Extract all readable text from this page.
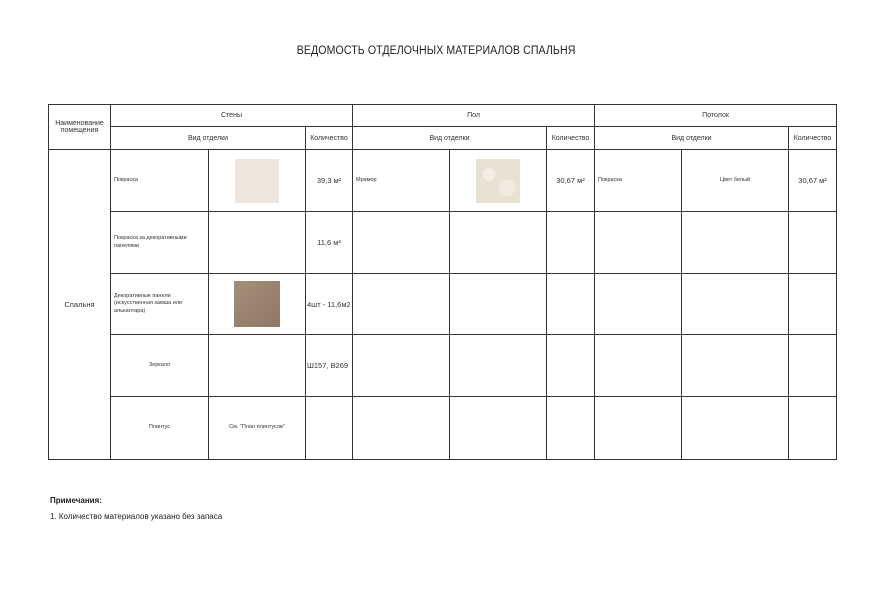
ВЕДОМОСТЬ ОТДЕЛОЧНЫХ МАТЕРИАЛОВ СПАЛЬНЯ
Наименование помещения	Стены			Пол			Потолок		
	Вид отделки		Количество	Вид отделки		Количество	Вид отделки		Количество
Спальня	Покраска		39,3 м²	Мрамор		30,67 м²	Покраска	Цвет белый	30,67 м²
	Покраска за декоративными панелями		11,6 м²						
	Декоративные панели (искусственная замша или алькантара)		4шт - 11,6м2						
	Зеркало		Ш157, В269						
	Плинтус	См. "План плинтусов"							
Примечания:
1. Количество материалов указано без запаса
